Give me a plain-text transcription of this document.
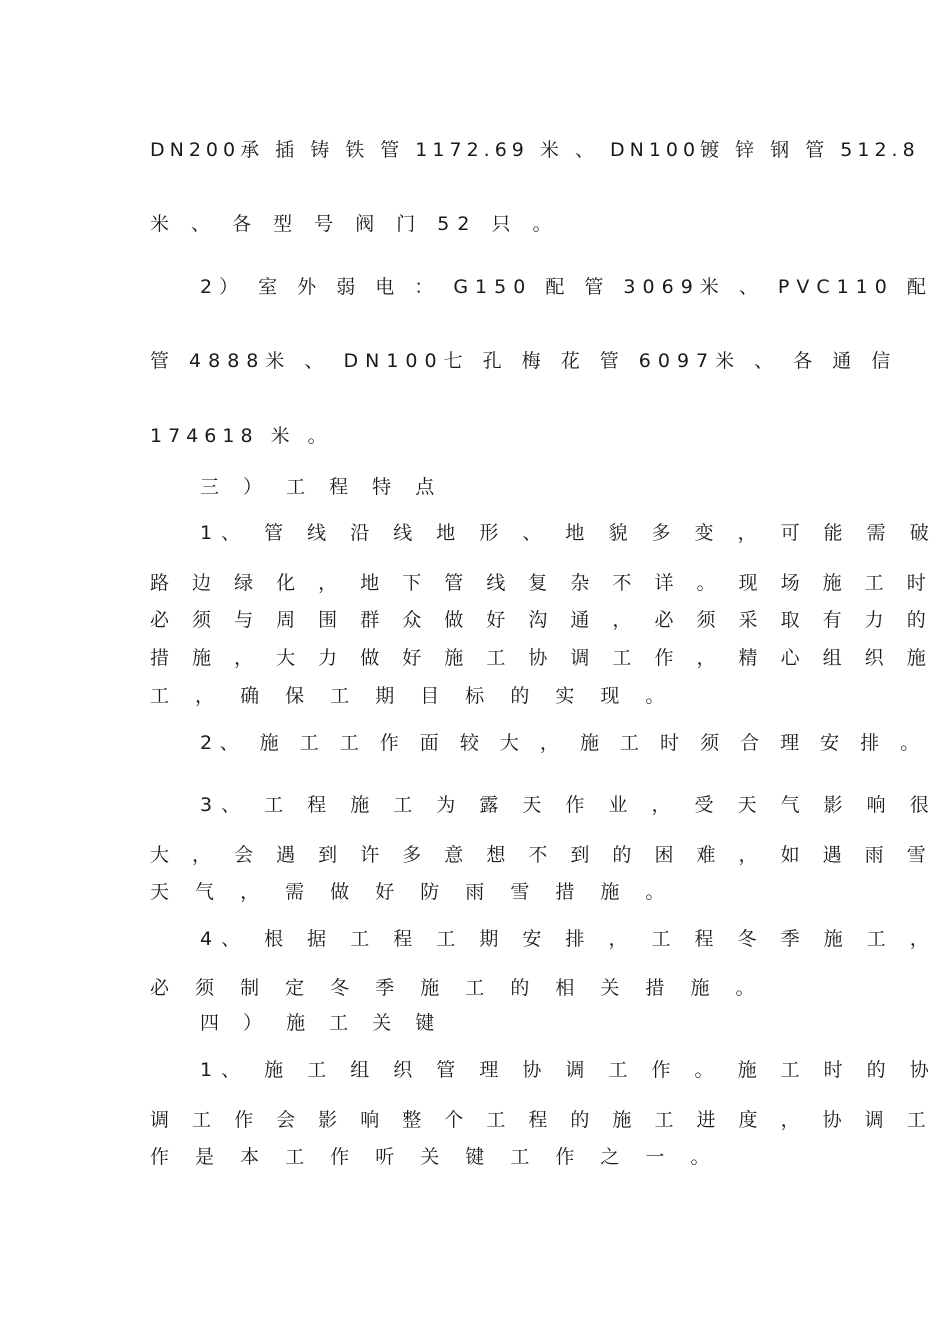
DN200承 插 铸 铁 管 1172.69 米 、 DN100镀 锌 钢 管 512.8
米 、 各 型 号 阀 门 52 只 。
2） 室 外 弱 电 ： G150 配 管 3069米 、 PVC110 配
管 4888米 、 DN100七 孔 梅 花 管 6097米 、 各 通 信
174618 米 。
三 ） 工 程 特 点
1、 管 线 沿 线 地 形 、 地 貌 多 变 ， 可 能 需 破
路 边 绿 化 ， 地 下 管 线 复 杂 不 详 。 现 场 施 工 时
必 须 与 周 围 群 众 做 好 沟 通 ， 必 须 采 取 有 力 的
措 施 ， 大 力 做 好 施 工 协 调 工 作 ， 精 心 组 织 施
工 ， 确 保 工 期 目 标 的 实 现 。
2、 施 工 工 作 面 较 大 ， 施 工 时 须 合 理 安 排 。
3、 工 程 施 工 为 露 天 作 业 ， 受 天 气 影 响 很
大 ， 会 遇 到 许 多 意 想 不 到 的 困 难 ， 如 遇 雨 雪
天 气 ， 需 做 好 防 雨 雪 措 施 。
4、 根 据 工 程 工 期 安 排 ， 工 程 冬 季 施 工 ，
必 须 制 定 冬 季 施 工 的 相 关 措 施 。
四 ） 施 工 关 键
1、 施 工 组 织 管 理 协 调 工 作 。 施 工 时 的 协
调 工 作 会 影 响 整 个 工 程 的 施 工 进 度 ， 协 调 工
作 是 本 工 作 听 关 键 工 作 之 一 。
